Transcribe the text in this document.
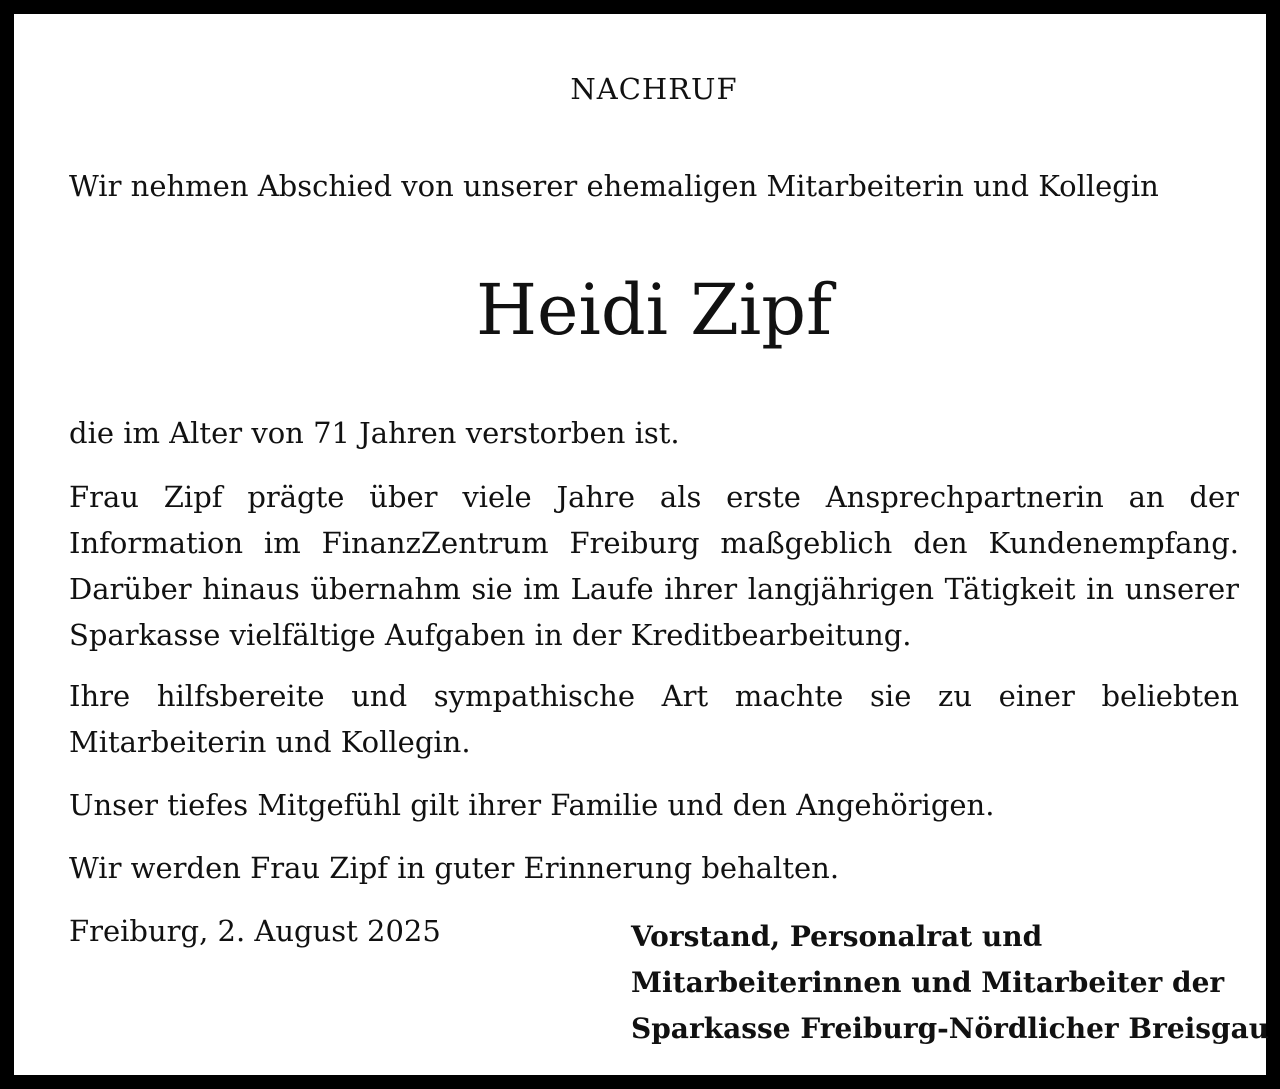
NACHRUF

Wir nehmen Abschied von unserer ehemaligen Mitarbeiterin und Kollegin

Heidi Zipf

die im Alter von 71 Jahren verstorben ist.

Frau Zipf prägte über viele Jahre als erste Ansprechpartnerin an der Information im FinanzZentrum Freiburg maßgeblich den Kundenempfang. Darüber hinaus übernahm sie im Laufe ihrer langjährigen Tätigkeit in unserer Sparkasse vielfältige Aufgaben in der Kreditbearbeitung.

Ihre hilfsbereite und sympathische Art machte sie zu einer beliebten Mitarbeiterin und Kollegin.

Unser tiefes Mitgefühl gilt ihrer Familie und den Angehörigen.

Wir werden Frau Zipf in guter Erinnerung behalten.

Freiburg, 2. August 2025	Vorstand, Personalrat und
Mitarbeiterinnen und Mitarbeiter der
Sparkasse Freiburg-Nördlicher Breisgau
